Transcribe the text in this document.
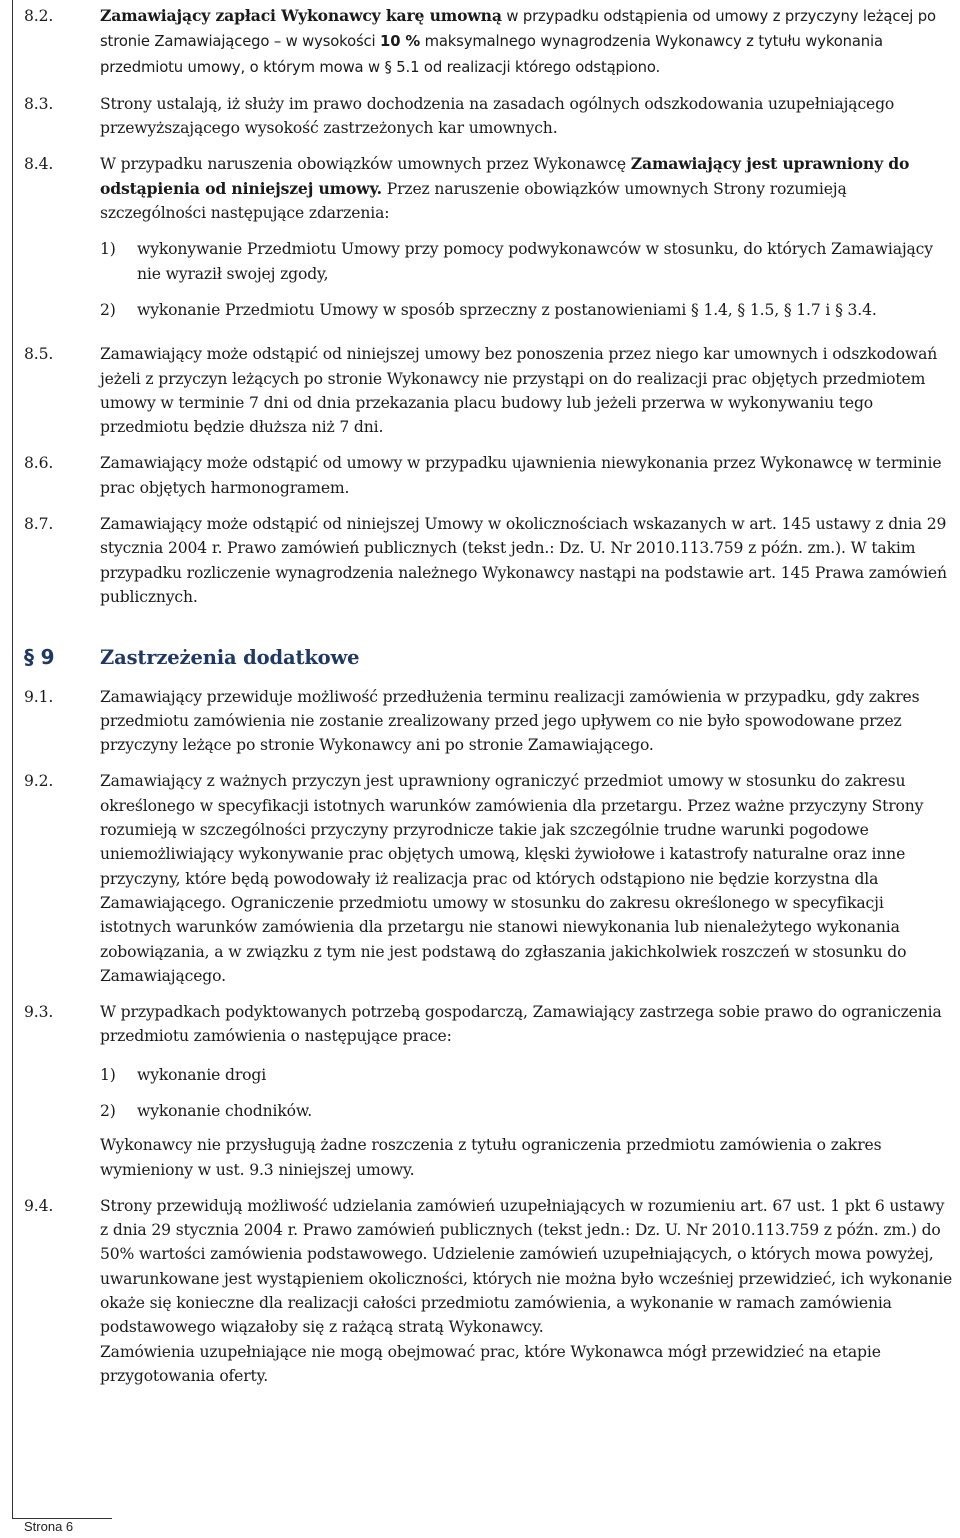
8.2.	Zamawiający zapłaci Wykonawcy karę umowną w przypadku odstąpienia od umowy z przyczyny leżącej po stronie Zamawiającego – w wysokości 10 % maksymalnego wynagrodzenia Wykonawcy z tytułu wykonania przedmiotu umowy, o którym mowa w § 5.1 od realizacji którego odstąpiono.
8.3.	Strony ustalają, iż służy im prawo dochodzenia na zasadach ogólnych odszkodowania uzupełniającego przewyższającego wysokość zastrzeżonych kar umownych.
8.4.	W przypadku naruszenia obowiązków umownych przez Wykonawcę Zamawiający jest uprawniony do odstąpienia od niniejszej umowy. Przez naruszenie obowiązków umownych Strony rozumieją szczególności następujące zdarzenia:
1)	wykonywanie Przedmiotu Umowy przy pomocy podwykonawców w stosunku, do których Zamawiający nie wyraził swojej zgody,
2)	wykonanie Przedmiotu Umowy w sposób sprzeczny z postanowieniami § 1.4, § 1.5, § 1.7 i § 3.4.
8.5.	Zamawiający może odstąpić od niniejszej umowy bez ponoszenia przez niego kar umownych i odszkodowań jeżeli z przyczyn leżących po stronie Wykonawcy nie przystąpi on do realizacji prac objętych przedmiotem umowy w terminie 7 dni od dnia przekazania placu budowy lub jeżeli przerwa w wykonywaniu tego przedmiotu będzie dłuższa niż 7 dni.
8.6.	Zamawiający może odstąpić od umowy w przypadku ujawnienia niewykonania przez Wykonawcę w terminie prac objętych harmonogramem.
8.7.	Zamawiający może odstąpić od niniejszej Umowy w okolicznościach wskazanych w art. 145 ustawy z dnia 29 stycznia 2004 r. Prawo zamówień publicznych (tekst jedn.: Dz. U. Nr 2010.113.759 z późn. zm.). W takim przypadku rozliczenie wynagrodzenia należnego Wykonawcy nastąpi na podstawie art. 145 Prawa zamówień publicznych.
§ 9	Zastrzeżenia dodatkowe
9.1.	Zamawiający przewiduje możliwość przedłużenia terminu realizacji zamówienia w przypadku, gdy zakres przedmiotu zamówienia nie zostanie zrealizowany przed jego upływem co nie było spowodowane przez przyczyny leżące po stronie Wykonawcy ani po stronie Zamawiającego.
9.2.	Zamawiający z ważnych przyczyn jest uprawniony ograniczyć przedmiot umowy w stosunku do zakresu określonego w specyfikacji istotnych warunków zamówienia dla przetargu. Przez ważne przyczyny Strony rozumieją w szczególności przyczyny przyrodnicze takie jak szczególnie trudne warunki pogodowe uniemożliwiający wykonywanie prac objętych umową, klęski żywiołowe i katastrofy naturalne oraz inne przyczyny, które będą powodowały iż realizacja prac od których odstąpiono nie będzie korzystna dla Zamawiającego. Ograniczenie przedmiotu umowy w stosunku do zakresu określonego w specyfikacji istotnych warunków zamówienia dla przetargu nie stanowi niewykonania lub nienależytego wykonania zobowiązania, a w związku z tym nie jest podstawą do zgłaszania jakichkolwiek roszczeń w stosunku do Zamawiającego.
9.3.	W przypadkach podyktowanych potrzebą gospodarczą, Zamawiający zastrzega sobie prawo do ograniczenia przedmiotu zamówienia o następujące prace:
1)	wykonanie drogi
2)	wykonanie chodników.
Wykonawcy nie przysługują żadne roszczenia z tytułu ograniczenia przedmiotu zamówienia o zakres wymieniony w ust. 9.3 niniejszej umowy.
9.4.	Strony przewidują możliwość udzielania zamówień uzupełniających w rozumieniu art. 67 ust. 1 pkt 6 ustawy z dnia 29 stycznia 2004 r. Prawo zamówień publicznych (tekst jedn.: Dz. U. Nr 2010.113.759 z późn. zm.) do 50% wartości zamówienia podstawowego. Udzielenie zamówień uzupełniających, o których mowa powyżej, uwarunkowane jest wystąpieniem okoliczności, których nie można było wcześniej przewidzieć, ich wykonanie okaże się konieczne dla realizacji całości przedmiotu zamówienia, a wykonanie w ramach zamówienia podstawowego wiązałoby się z rażącą stratą Wykonawcy.
Zamówienia uzupełniające nie mogą obejmować prac, które Wykonawca mógł przewidzieć na etapie przygotowania oferty.
Strona 6
